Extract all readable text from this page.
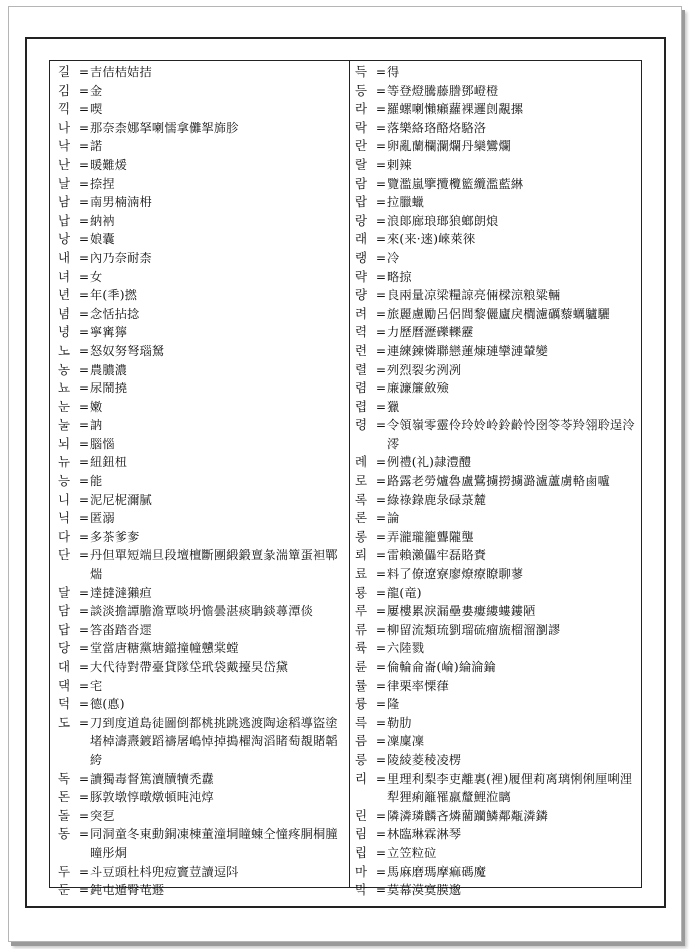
길 = 吉佶桔姞拮
김 = 金
끽 = 喫
나 = 那奈柰娜拏喇懦拿儺挐旆胗
낙 = 諾
난 = 暖難煖
날 = 捺捏
남 = 南男楠湳枏
납 = 納衲
낭 = 娘囊
내 = 內乃奈耐柰
녀 = 女
년 = 年(秊)撚
념 = 念恬拈捻
녕 = 寧寗獰
노 = 怒奴努弩瑙駑
농 = 農膿濃
뇨 = 尿鬧撓
눈 = 嫩
눌 = 訥
뇌 = 腦惱
뉴 = 紐鈕杻
능 = 能
니 = 泥尼柅濔膩
닉 = 匿溺
다 = 多茶爹奓
단 = 丹但單短端旦段壇檀斷團緞鍛亶彖湍簞蛋袒鄲煓
달 = 達撻澾獺疸
담 = 談淡擔譚膽澹覃啖坍憺曇湛痰聃錟蕁潭倓
답 = 答畓踏沓遝
당 = 堂當唐糖黨塘鐺撞幢戇棠螳
대 = 大代待對帶臺貸隊垈玳袋戴擡旲岱黛
댁 = 宅
덕 = 德(悳)
도 = 刀到度道島徒圖倒都桃挑跳逃渡陶途稻導盜塗堵棹濤燾鍍蹈禱屠嶋悼掉搗櫂淘滔睹萄覩賭韜絝
독 = 讀獨毒督篤瀆牘犢禿纛
돈 = 豚敦墩惇暾燉頓旽沌焞
돌 = 突乭
동 = 同洞童冬東動銅凍棟董潼垌瞳蝀仝憧疼胴桐朣曈彤烔
두 = 斗豆頭杜枓兜痘竇荳讀逗阧
둔 = 鈍屯遁臀芚遯
득 = 得
등 = 等登燈騰藤謄鄧嶝橙
라 = 羅螺喇懶癩蘿裸邏剆覶摞
락 = 落樂絡珞酪烙駱洛
란 = 卵亂蘭欄瀾爛丹欒鸞爛
랄 = 剌辣
람 = 覽濫嵐擥攬欖籃纜濫藍綝
랍 = 拉臘蠟
랑 = 浪郞廊琅瑯狼螂朗烺
래 = 來(来·逨)崍萊徠
랭 = 冷
략 = 略掠
량 = 良兩量凉梁糧諒亮倆樑涼粮粱輛
려 = 旅麗慮勵呂侶閭黎儷廬戾櫚濾礪藜蠣驢驪
력 = 力歷曆瀝礫轢靂
련 = 連練鍊憐聯戀蓮煉璉攣漣輦變
렬 = 列烈裂劣洌冽
렴 = 廉濂簾斂殮
렵 = 獵
령 = 令領嶺零靈伶玲姈岭鈴齡怜囹笭苓羚翎聆逞泠澪
례 = 例禮(礼)隷澧醴
로 = 路露老勞爐魯盧鷺擄撈擄潞瀘蘆虜輅鹵嚧
록 = 綠祿錄鹿彔碌菉麓
론 = 論
롱 = 弄瀧瓏籠聾隴壟
뢰 = 雷賴瀨儡牢磊賂賚
료 = 料了僚遼寮廖燎療瞭聊蓼
룡 = 龍(竜)
루 = 屢樓累淚漏壘婁瘻縷螻鏤陋
류 = 柳留流類琉劉瑠硫瘤旒榴溜瀏謬
륙 = 六陸戮
륜 = 倫輪侖崙(崘)綸淪錀
률 = 律栗率慄葎
륭 = 隆
륵 = 勒肋
름 = 凜廩凜
릉 = 陵綾菱稜凌楞
리 = 里理利梨李吏離裏(裡)履俚莉离璃悧俐厘唎浬犁狸痢籬罹羸釐鯉涖瞝
린 = 隣潾璘麟吝燐藺躪鱗鄰甐潾鏻
림 = 林臨琳霖淋琴
립 = 立笠粒砬
마 = 馬麻磨瑪摩痲碼魔
막 = 莫幕漠寞膜邈
